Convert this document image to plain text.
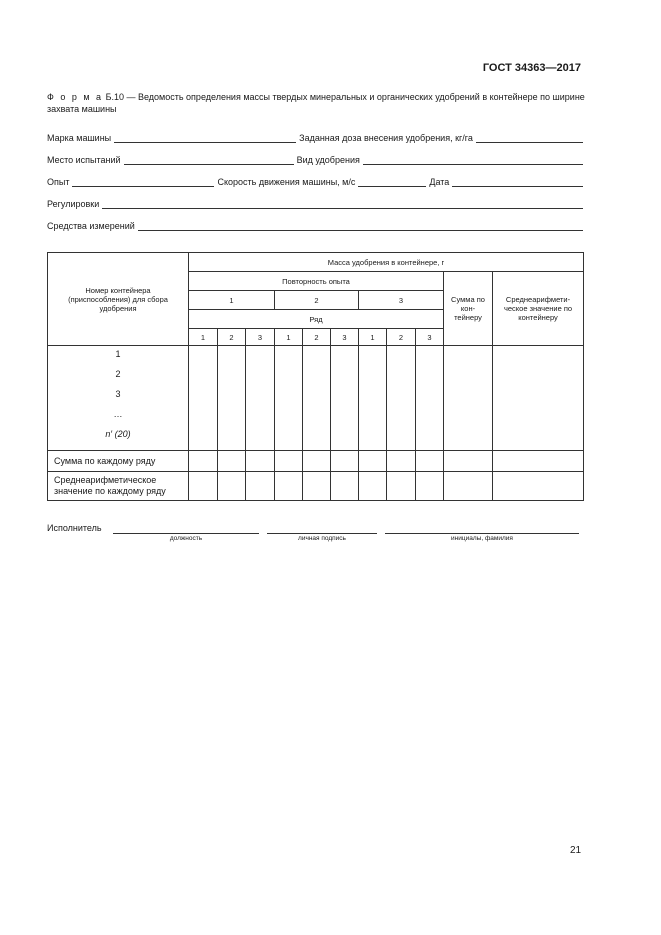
ГОСТ 34363—2017
Ф о р м а Б.10 — Ведомость определения массы твердых минеральных и органических удобрений в контейнере по ширине захвата машины
Марка машины	Заданная доза внесения удобрения, кг/га
Место испытаний	Вид удобрения
Опыт	Скорость движения машины, м/с	Дата
Регулировки
Средства измерений
Номер контейнера (приспособления) для сбора удобрения	Масса удобрения в контейнере, г										
	Повторность опыта									Сумма по кон- тейнеру	Среднеарифмети- ческое значение по контейнеру
	1			2			3				
	Ряд										
	1	2	3	1	2	3	1	2	3		

1
2
3
…
n′ (20)											

Сумма по каждому ряду											
Среднеарифметическое значение по каждому ряду											
Исполнитель
должность	личная подпись	инициалы, фамилия
21
